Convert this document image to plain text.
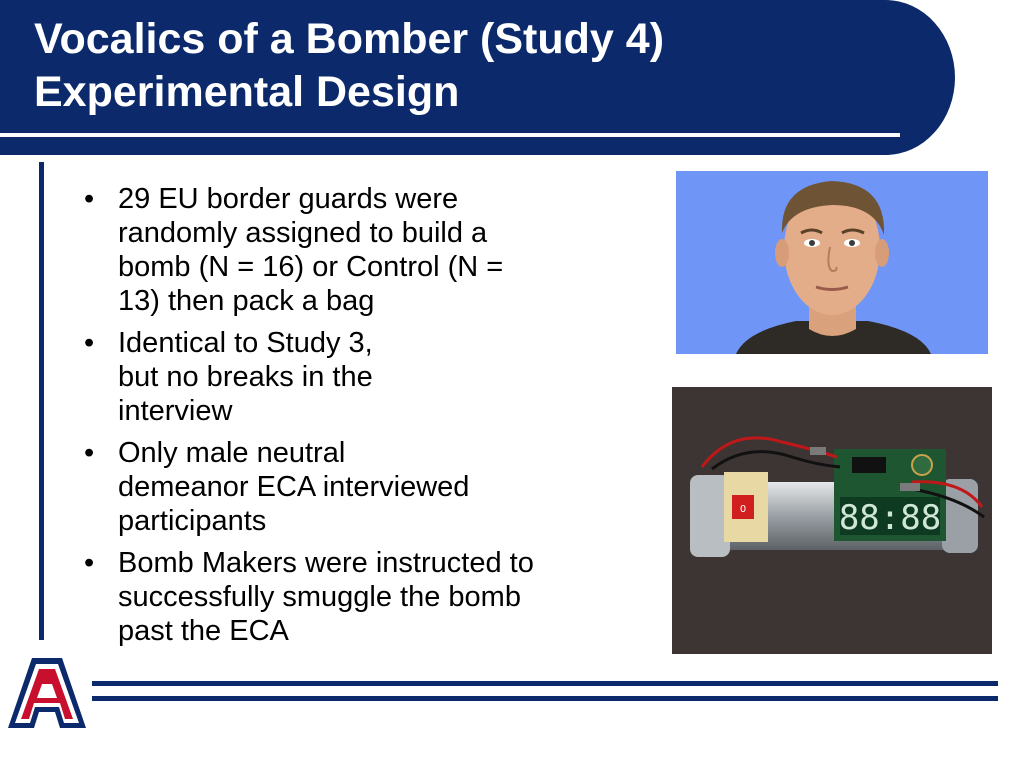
Vocalics of a Bomber (Study 4)
Experimental Design
• 29 EU border guards were
randomly assigned to build a
bomb (N = 16) or Control (N =
13) then pack a bag
• Identical to Study 3,
but no breaks in the
interview
• Only male neutral
demeanor ECA interviewed
participants
• Bomb Makers were instructed to
successfully smuggle the bomb
past the ECA
0	88:88
